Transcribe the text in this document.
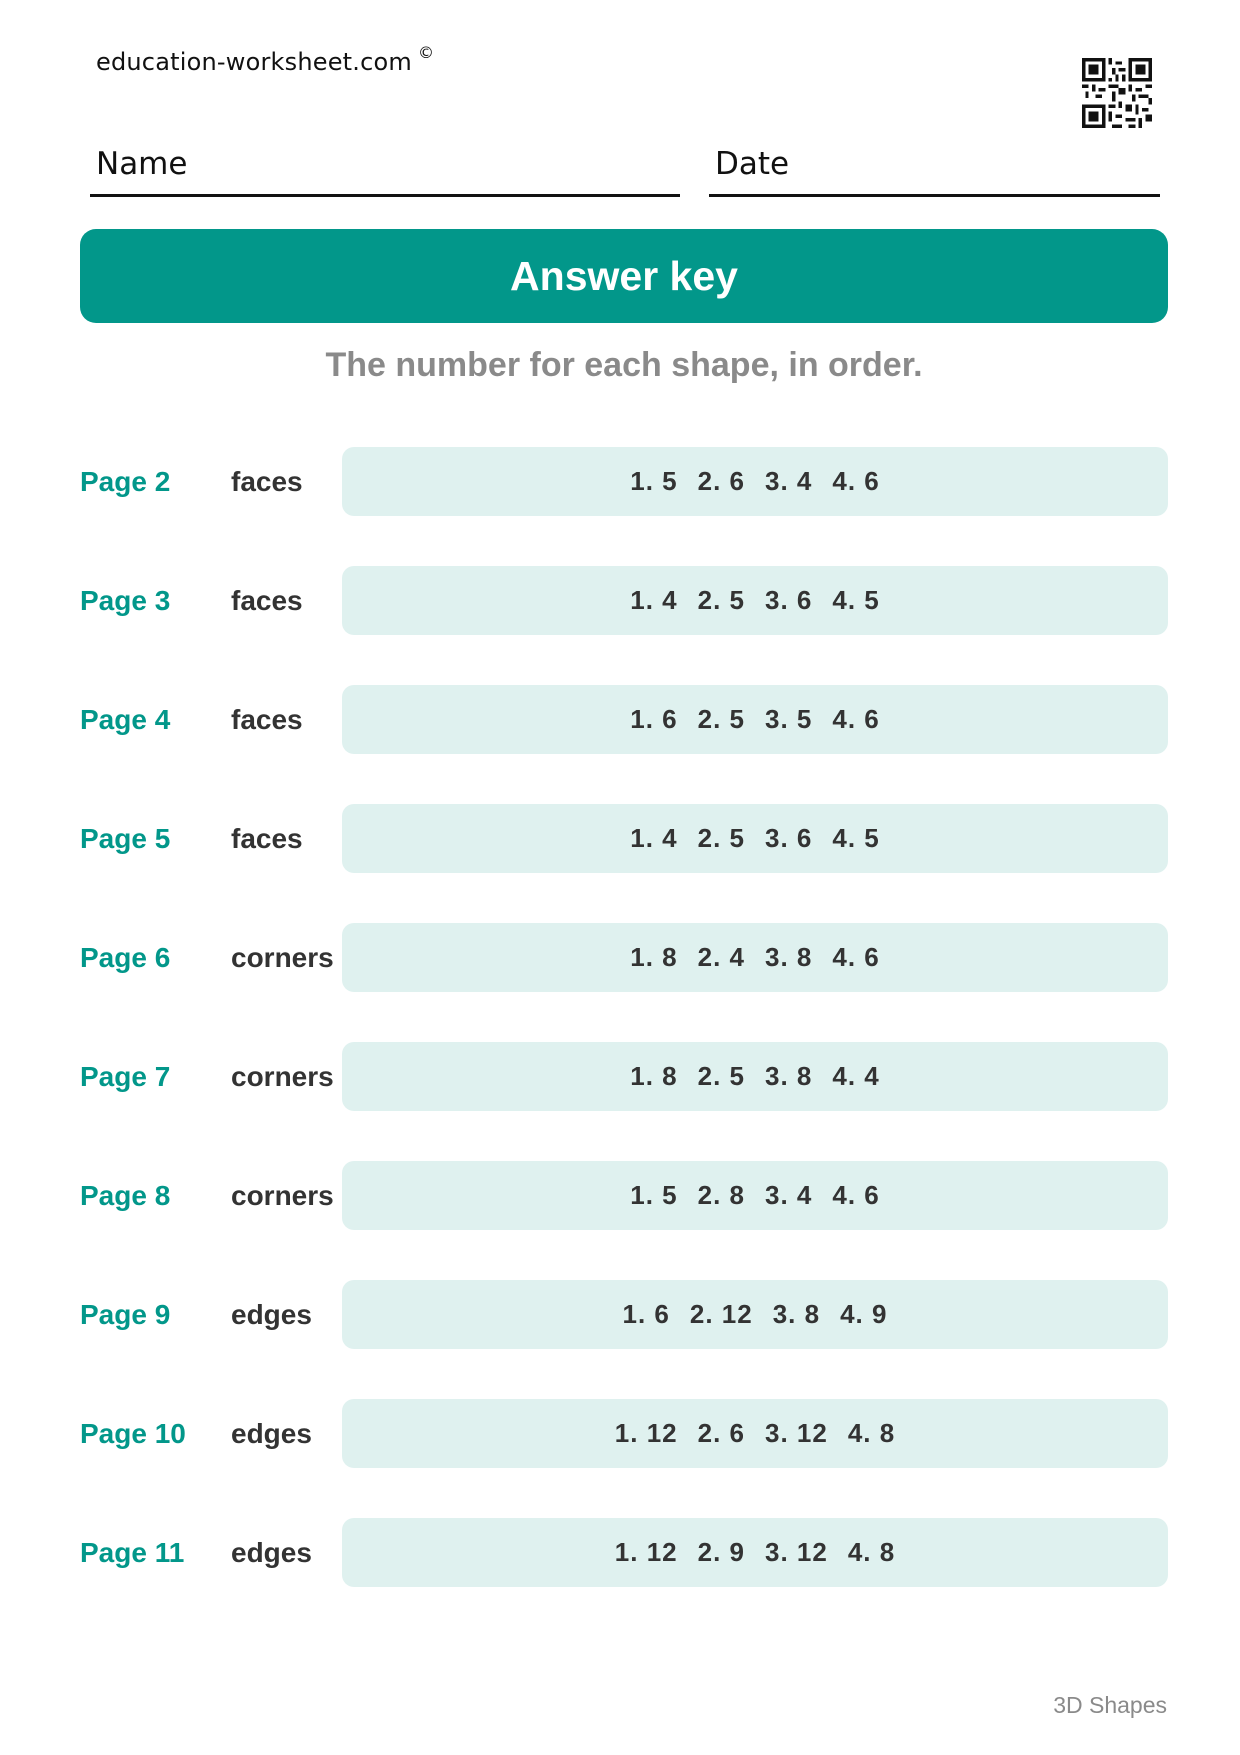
education-worksheet.com ©
Name	Date
Answer key
The number for each shape, in order.
Page 2 faces	1. 5 2. 6 3. 4 4. 6
Page 3 faces	1. 4 2. 5 3. 6 4. 5
Page 4 faces	1. 6 2. 5 3. 5 4. 6
Page 5 faces	1. 4 2. 5 3. 6 4. 5
Page 6 corners	1. 8 2. 4 3. 8 4. 6
Page 7 corners	1. 8 2. 5 3. 8 4. 4
Page 8 corners	1. 5 2. 8 3. 4 4. 6
Page 9 edges	1. 6 2. 12 3. 8 4. 9
Page 10 edges	1. 12 2. 6 3. 12 4. 8
Page 11 edges	1. 12 2. 9 3. 12 4. 8
3D Shapes
